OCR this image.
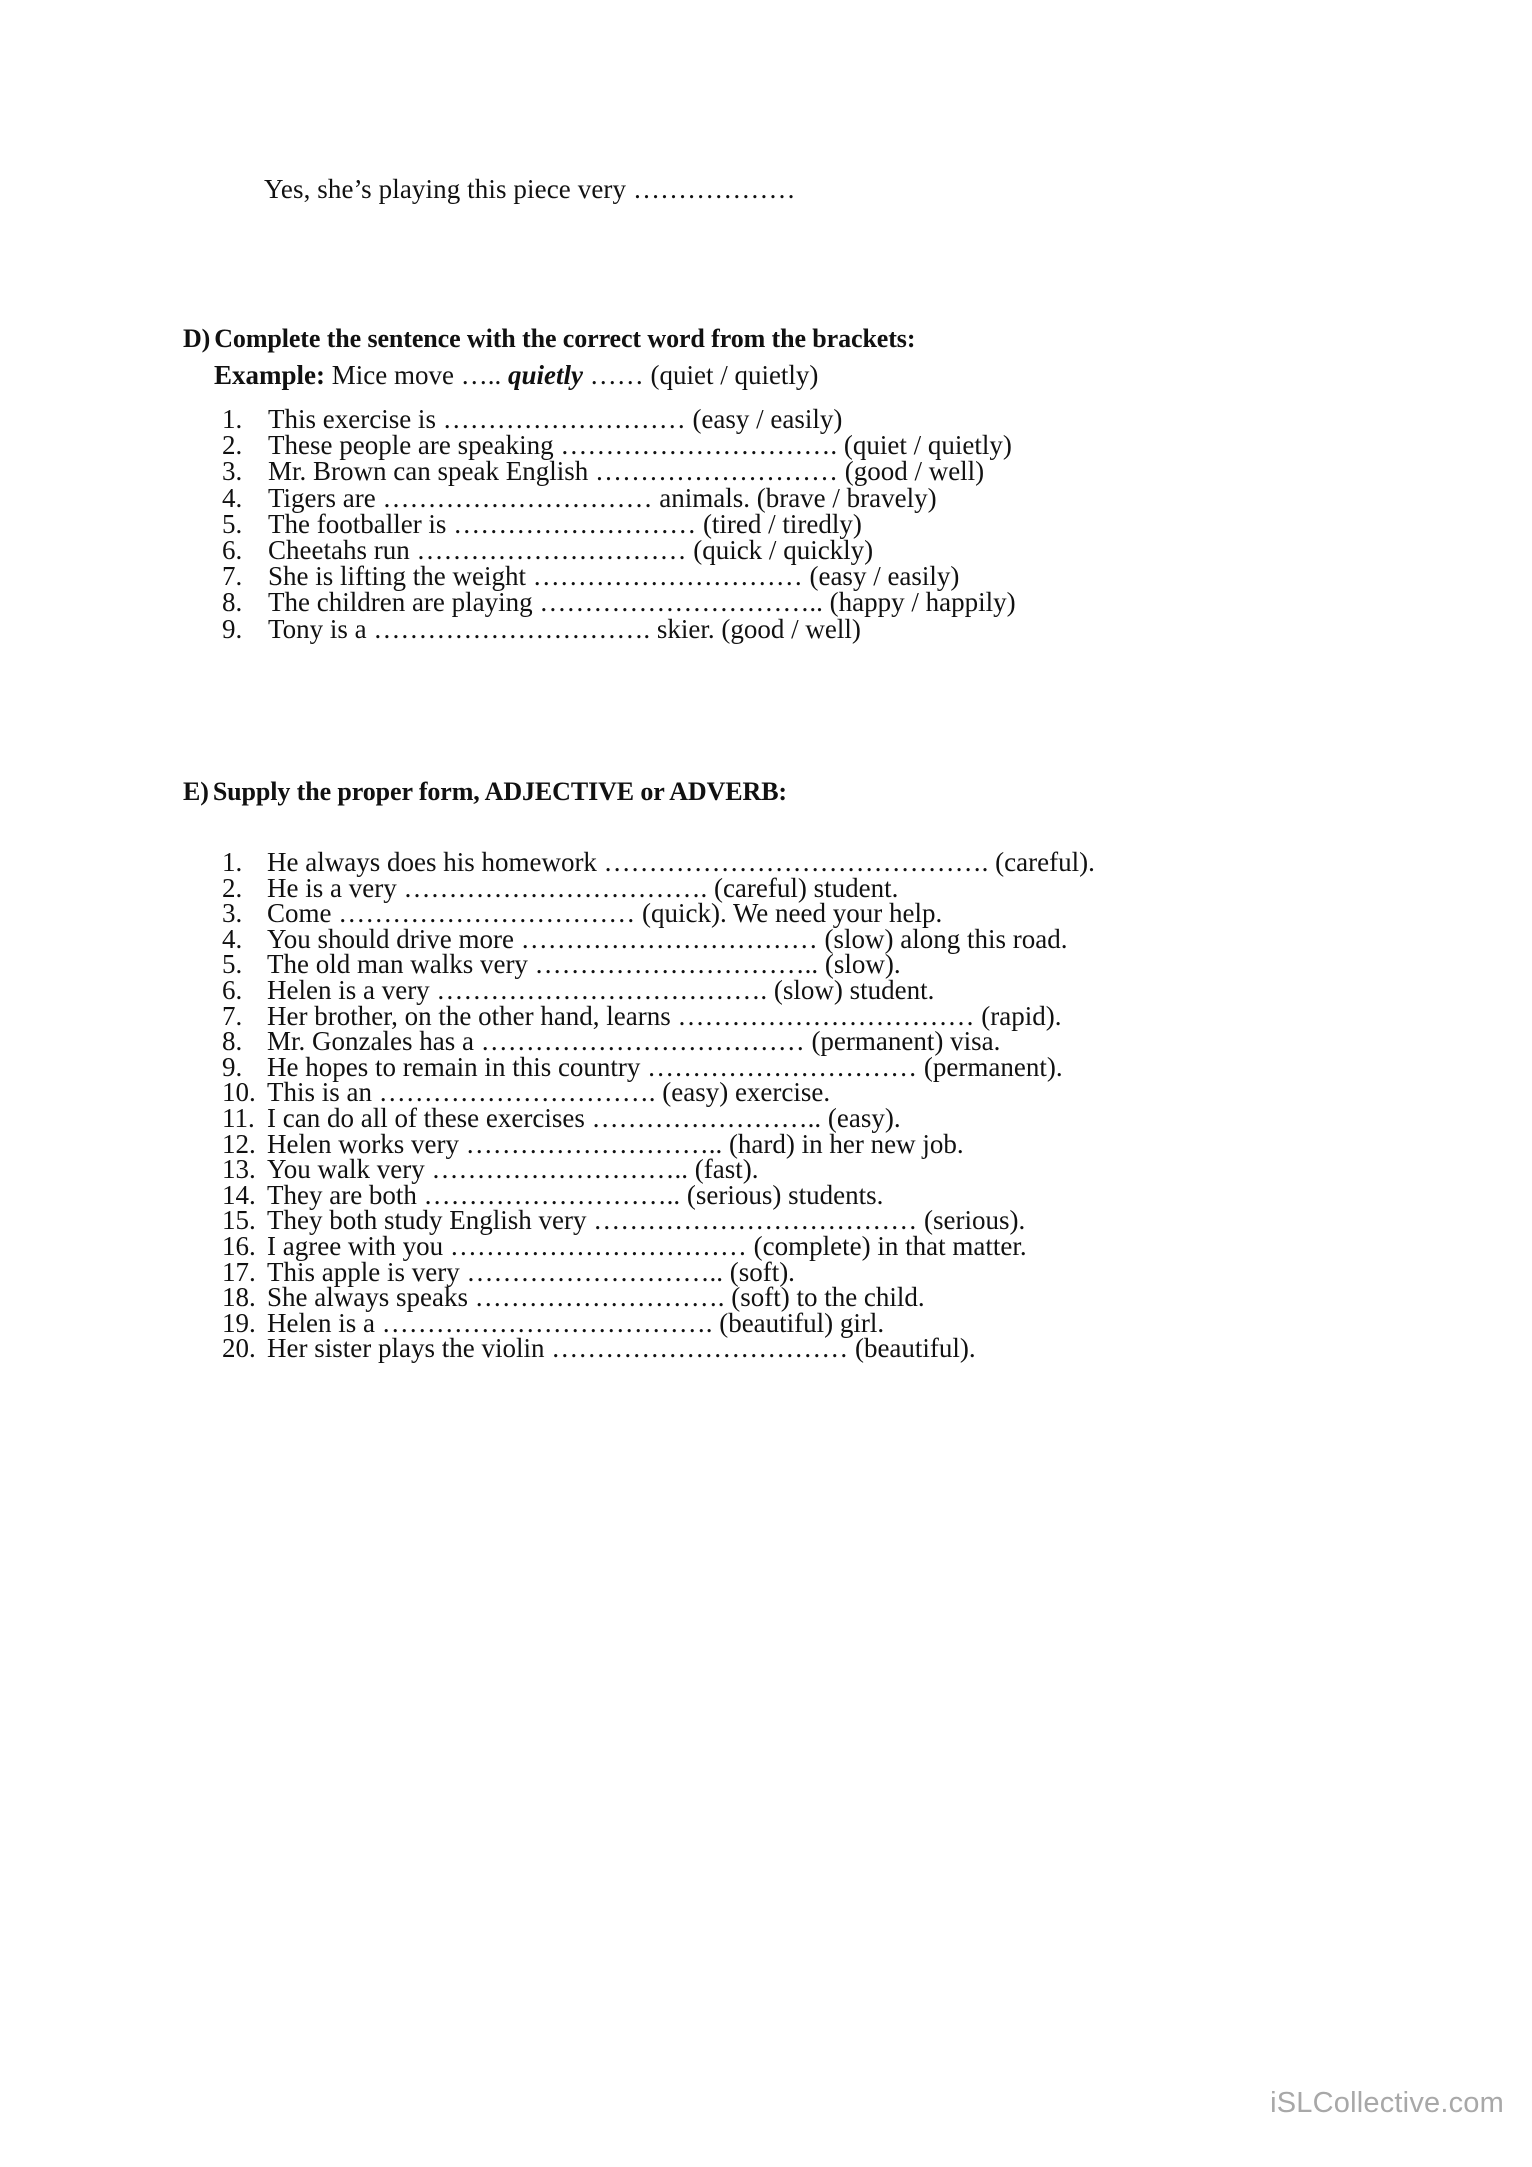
Yes, she’s playing this piece very ………………
D) Complete the sentence with the correct word from the brackets:
Example: Mice move ….. quietly …… (quiet / quietly)
1. This exercise is ……………………… (easy / easily)
2. These people are speaking …………………………. (quiet / quietly)
3. Mr. Brown can speak English ……………………… (good / well)
4. Tigers are ………………………… animals. (brave / bravely)
5. The footballer is ……………………… (tired / tiredly)
6. Cheetahs run ………………………… (quick / quickly)
7. She is lifting the weight ………………………… (easy / easily)
8. The children are playing ………………………….. (happy / happily)
9. Tony is a …………………………. skier. (good / well)
E) Supply the proper form, ADJECTIVE or ADVERB:
1. He always does his homework ……………………………………. (careful).
2. He is a very ……………………………. (careful) student.
3. Come …………………………… (quick). We need your help.
4. You should drive more …………………………… (slow) along this road.
5. The old man walks very ………………………….. (slow).
6. Helen is a very ………………………………. (slow) student.
7. Her brother, on the other hand, learns …………………………… (rapid).
8. Mr. Gonzales has a ……………………………… (permanent) visa.
9. He hopes to remain in this country ………………………… (permanent).
10. This is an …………………………. (easy) exercise.
11. I can do all of these exercises …………………….. (easy).
12. Helen works very ……………………….. (hard) in her new job.
13. You walk very ……………………….. (fast).
14. They are both ……………………….. (serious) students.
15. They both study English very ……………………………… (serious).
16. I agree with you …………………………… (complete) in that matter.
17. This apple is very ……………………….. (soft).
18. She always speaks ………………………. (soft) to the child.
19. Helen is a ………………………………. (beautiful) girl.
20. Her sister plays the violin …………………………… (beautiful).
iSLCollective.com
